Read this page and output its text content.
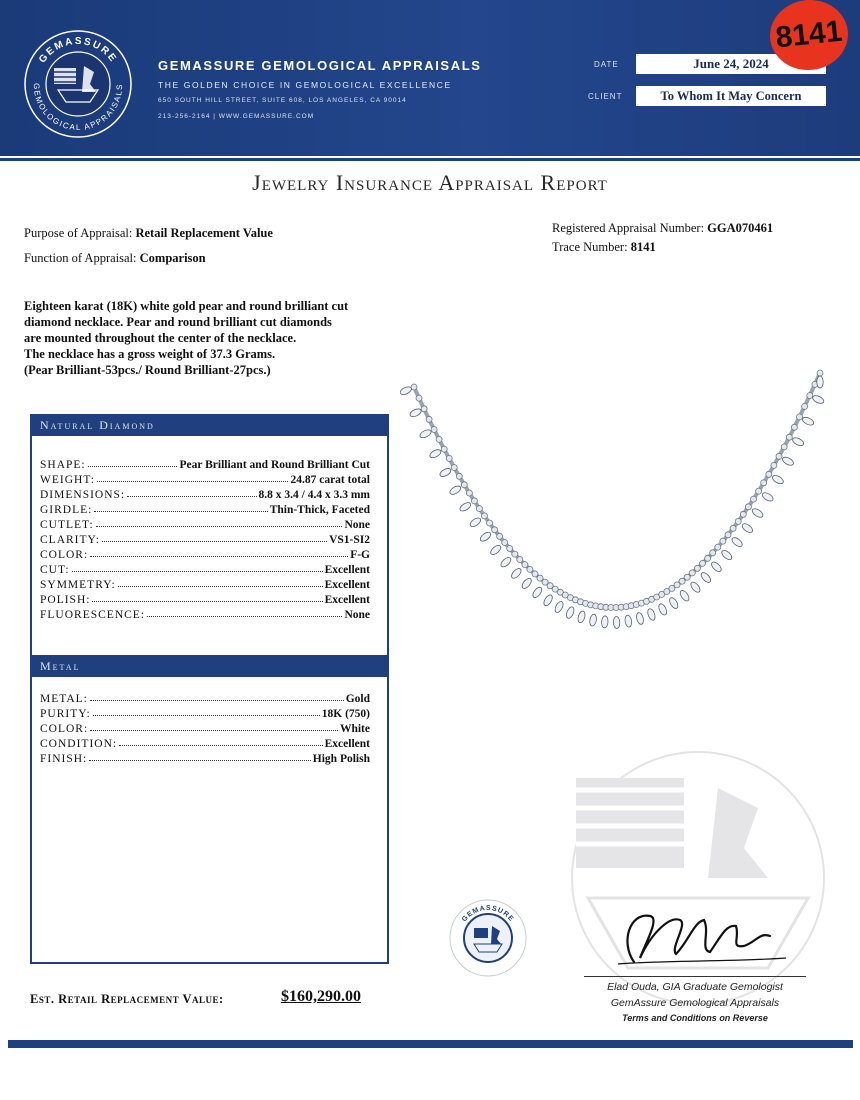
GEMASSURE
GEMOLOGICAL APPRAISALS
GEMASSURE GEMOLOGICAL APPRAISALS
THE GOLDEN CHOICE IN GEMOLOGICAL EXCELLENCE
650 SOUTH HILL STREET, SUITE 608, LOS ANGELES, CA 90014
213-256-2164 | WWW.GEMASSURE.COM
DATE	June 24, 2024
CLIENT	To Whom It May Concern
8141
Jewelry Insurance Appraisal Report
Purpose of Appraisal: Retail Replacement Value
Function of Appraisal: Comparison
Registered Appraisal Number: GGA070461
Trace Number: 8141
Eighteen karat (18K) white gold pear and round brilliant cut
diamond necklace. Pear and round brilliant cut diamonds
are mounted throughout the center of the necklace.
The necklace has a gross weight of 37.3 Grams.
(Pear Brilliant-53pcs./ Round Brilliant-27pcs.)
Natural Diamond
SHAPE:	Pear Brilliant and Round Brilliant Cut
WEIGHT:	24.87 carat total
DIMENSIONS:	8.8 x 3.4 / 4.4 x 3.3 mm
GIRDLE:	Thin-Thick, Faceted
CUTLET:	None
CLARITY:	VS1-SI2
COLOR:	F-G
CUT:	Excellent
SYMMETRY:	Excellent
POLISH:	Excellent
FLUORESCENCE:	None
Metal
METAL:	Gold
PURITY:	18K (750)
COLOR:	White
CONDITION:	Excellent
FINISH:	High Polish
GEMASSURE
Elad Ouda, GIA Graduate Gemologist
GemAssure Gemological Appraisals
Terms and Conditions on Reverse
Est. Retail Replacement Value:	$160,290.00
